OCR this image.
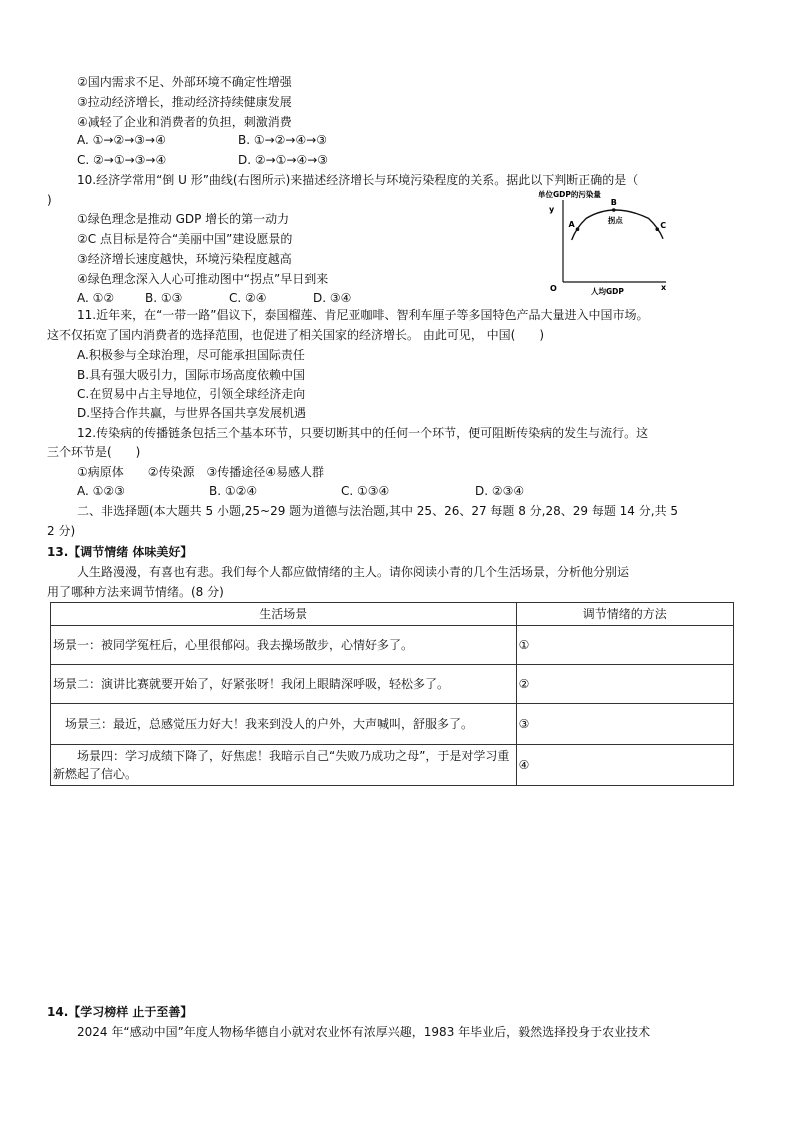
②国内需求不足、外部环境不确定性增强
③拉动经济增长，推动经济持续健康发展
④减轻了企业和消费者的负担，刺激消费
A. ①→②→③→④	B. ①→②→④→③
C. ②→①→③→④	D. ②→①→④→③
10.经济学常用“倒 U 形”曲线(右图所示)来描述经济增长与环境污染程度的关系。据此以下判断正确的是（
)
①绿色理念是推动 GDP 增长的第一动力
②C 点目标是符合“美丽中国”建设愿景的
③经济增长速度越快，环境污染程度越高
④绿色理念深入人心可推动图中“拐点”早日到来
A. ①②	B. ①③	C. ②④	D. ③④
单位GDP的污染量
y
O	x
人均GDP
A
B
C
拐点
11.近年来，在“一带一路”倡议下，泰国榴莲、肯尼亚咖啡、智利车厘子等多国特色产品大量进入中国市场。
这不仅拓宽了国内消费者的选择范围，也促进了相关国家的经济增长。 由此可见， 中国(　　)
A.积极参与全球治理，尽可能承担国际责任
B.具有强大吸引力，国际市场高度依赖中国
C.在贸易中占主导地位，引领全球经济走向
D.坚持合作共赢，与世界各国共享发展机遇
12.传染病的传播链条包括三个基本环节，只要切断其中的任何一个环节，便可阻断传染病的发生与流行。这
三个环节是(　　)
①病原体　　②传染源　③传播途径④易感人群
A. ①②③	B. ①②④	C. ①③④	D. ②③④
二、非选择题(本大题共 5 小题,25~29 题为道德与法治题,其中 25、26、27 每题 8 分,28、29 每题 14 分,共 5
2 分)
13.【调节情绪 体味美好】
人生路漫漫，有喜也有悲。我们每个人都应做情绪的主人。请你阅读小青的几个生活场景，分析他分别运
用了哪种方法来调节情绪。(8 分)
生活场景	调节情绪的方法
场景一：被同学冤枉后，心里很郁闷。我去操场散步，心情好多了。	①
场景二：演讲比赛就要开始了，好紧张呀！我闭上眼睛深呼吸，轻松多了。	②
　场景三：最近，总感觉压力好大！我来到没人的户外，大声喊叫，舒服多了。	③
　　场景四：学习成绩下降了，好焦虑！我暗示自己“失败乃成功之母”，于是对学习重新燃起了信心。	④
14.【学习榜样 止于至善】
2024 年“感动中国”年度人物杨华德自小就对农业怀有浓厚兴趣，1983 年毕业后，毅然选择投身于农业技术
